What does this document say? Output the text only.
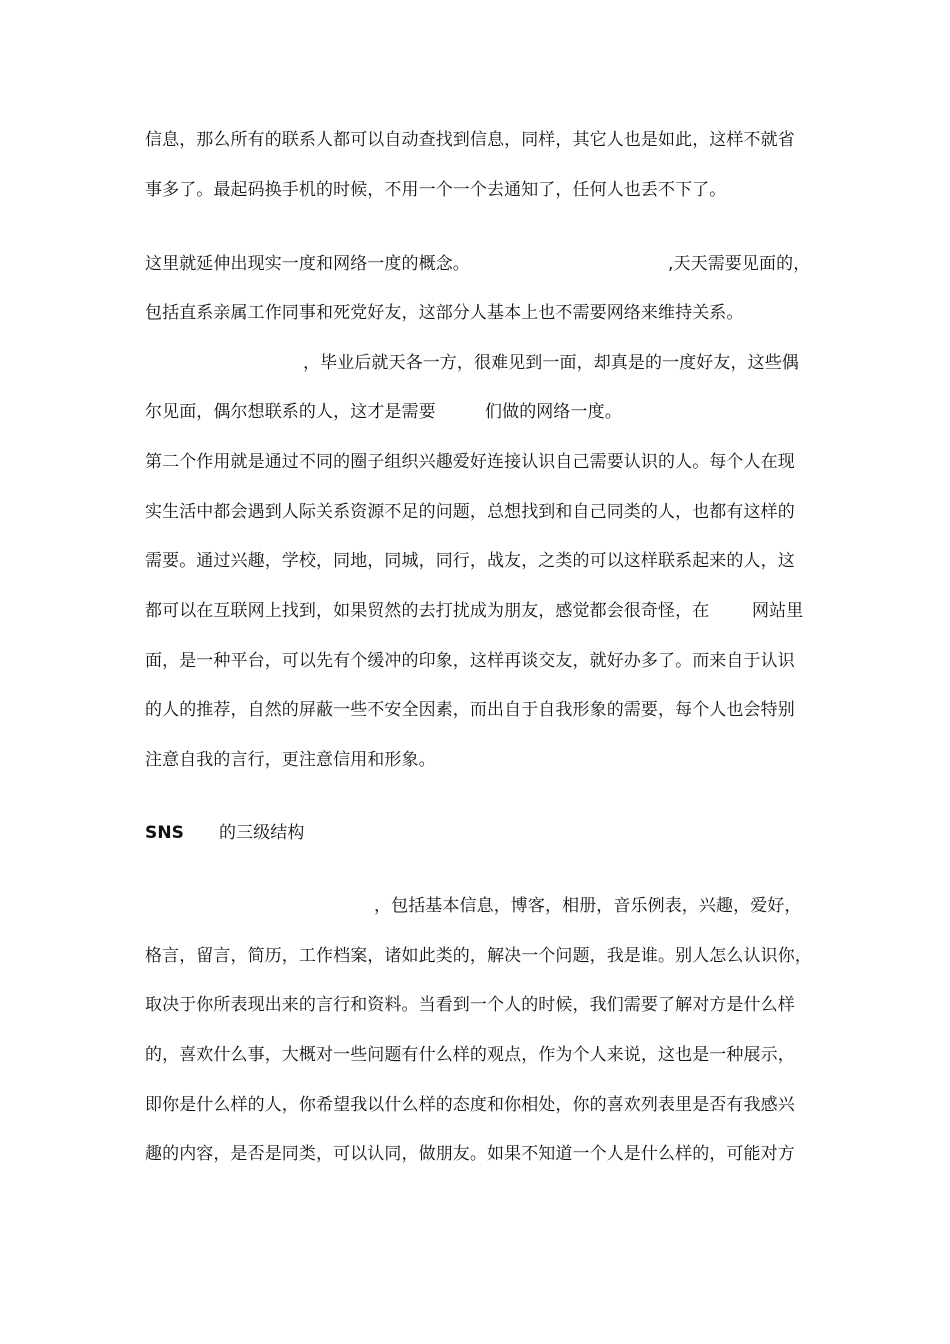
信息，那么所有的联系人都可以自动查找到信息，同样，其它人也是如此，这样不就省
事多了。最起码换手机的时候，不用一个一个去通知了，任何人也丢不下了。
这里就延伸出现实一度和网络一度的概念。	,天天需要见面的，
包括直系亲属工作同事和死党好友，这部分人基本上也不需要网络来维持关系。
，毕业后就天各一方，很难见到一面，却真是的一度好友，这些偶
尔见面，偶尔想联系的人，这才是需要	们做的网络一度。
第二个作用就是通过不同的圈子组织兴趣爱好连接认识自己需要认识的人。每个人在现
实生活中都会遇到人际关系资源不足的问题，总想找到和自己同类的人，也都有这样的
需要。通过兴趣，学校，同地，同城，同行，战友，之类的可以这样联系起来的人，这
都可以在互联网上找到，如果贸然的去打扰成为朋友，感觉都会很奇怪，在	网站里
面，是一种平台，可以先有个缓冲的印象，这样再谈交友，就好办多了。而来自于认识
的人的推荐，自然的屏蔽一些不安全因素，而出自于自我形象的需要，每个人也会特别
注意自我的言行，更注意信用和形象。
SNS 的三级结构
，包括基本信息，博客，相册，音乐例表，兴趣，爱好，
格言，留言，简历，工作档案，诸如此类的，解决一个问题，我是谁。别人怎么认识你，
取决于你所表现出来的言行和资料。当看到一个人的时候，我们需要了解对方是什么样
的，喜欢什么事，大概对一些问题有什么样的观点，作为个人来说，这也是一种展示，
即你是什么样的人，你希望我以什么样的态度和你相处，你的喜欢列表里是否有我感兴
趣的内容，是否是同类，可以认同，做朋友。如果不知道一个人是什么样的，可能对方
